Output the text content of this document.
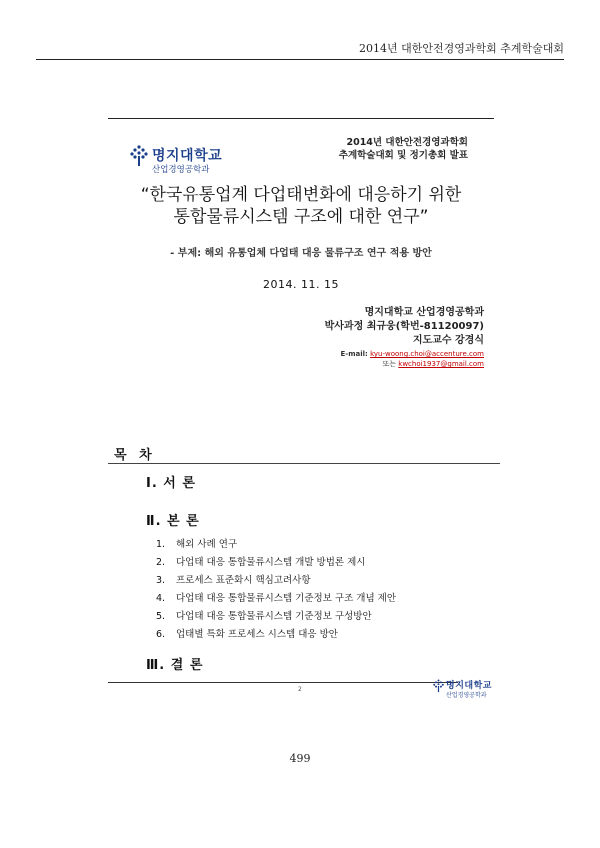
2014년 대한안전경영과학회 추계학술대회
명지대학교
산업경영공학과
2014년 대한안전경영과학회
추계학술대회 및 정기총회 발표
“한국유통업계 다업태변화에 대응하기 위한
통합물류시스템 구조에 대한 연구”
- 부제: 해외 유통업체 다업태 대응 물류구조 연구 적용 방안
2014. 11. 15
명지대학교 산업경영공학과
박사과정 최규웅(학번-81120097)
지도교수 강경식
E-mail: kyu-woong.choi@accenture.com
또는 kwchoi1937@gmail.com
목 차
Ⅰ. 서 론
Ⅱ. 본 론
1. 해외 사례 연구
2. 다업태 대응 통합물류시스템 개발 방법론 제시
3. 프로세스 표준화시 핵심고려사항
4. 다업태 대응 통합물류시스템 기준정보 구조 개념 제안
5. 다업태 대응 통합물류시스템 기준정보 구성방안
6. 업태별 특화 프로세스 시스템 대응 방안
Ⅲ. 결 론
2	명지대학교
산업경영공학과
499
